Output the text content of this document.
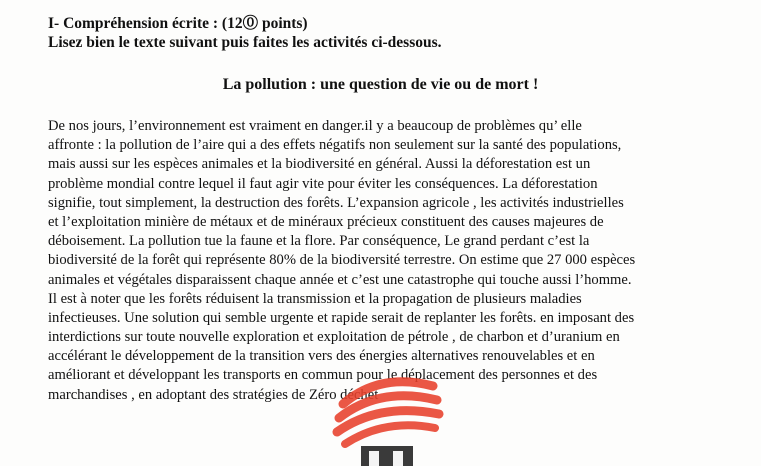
I- Compréhension écrite : (12⓪ points)
Lisez bien le texte suivant puis faites les activités ci-dessous.
La pollution : une question de vie ou de mort !
De nos jours, l’environnement est vraiment en danger.il y a beaucoup de problèmes qu’ elle
affronte : la pollution de l’aire qui a des effets négatifs non seulement sur la santé des populations,
mais aussi sur les espèces animales et la biodiversité en général. Aussi la déforestation est un
problème mondial contre lequel il faut agir vite pour éviter les conséquences. La déforestation
signifie, tout simplement, la destruction des forêts. L’expansion agricole , les activités industrielles
et l’exploitation minière de métaux et de minéraux précieux constituent des causes majeures de
déboisement. La pollution tue la faune et la flore. Par conséquence, Le grand perdant c’est la
biodiversité de la forêt qui représente 80% de la biodiversité terrestre. On estime que 27 000 espèces
animales et végétales disparaissent chaque année et c’est une catastrophe qui touche aussi l’homme.
Il est à noter que les forêts réduisent la transmission et la propagation de plusieurs maladies
infectieuses. Une solution qui semble urgente et rapide serait de replanter les forêts. en imposant des
interdictions sur toute nouvelle exploration et exploitation de pétrole , de charbon et d’uranium en
accélérant le développement de la transition vers des énergies alternatives renouvelables et en
améliorant et développant les transports en commun pour le déplacement des personnes et des
marchandises , en adoptant des stratégies de Zéro déchet
